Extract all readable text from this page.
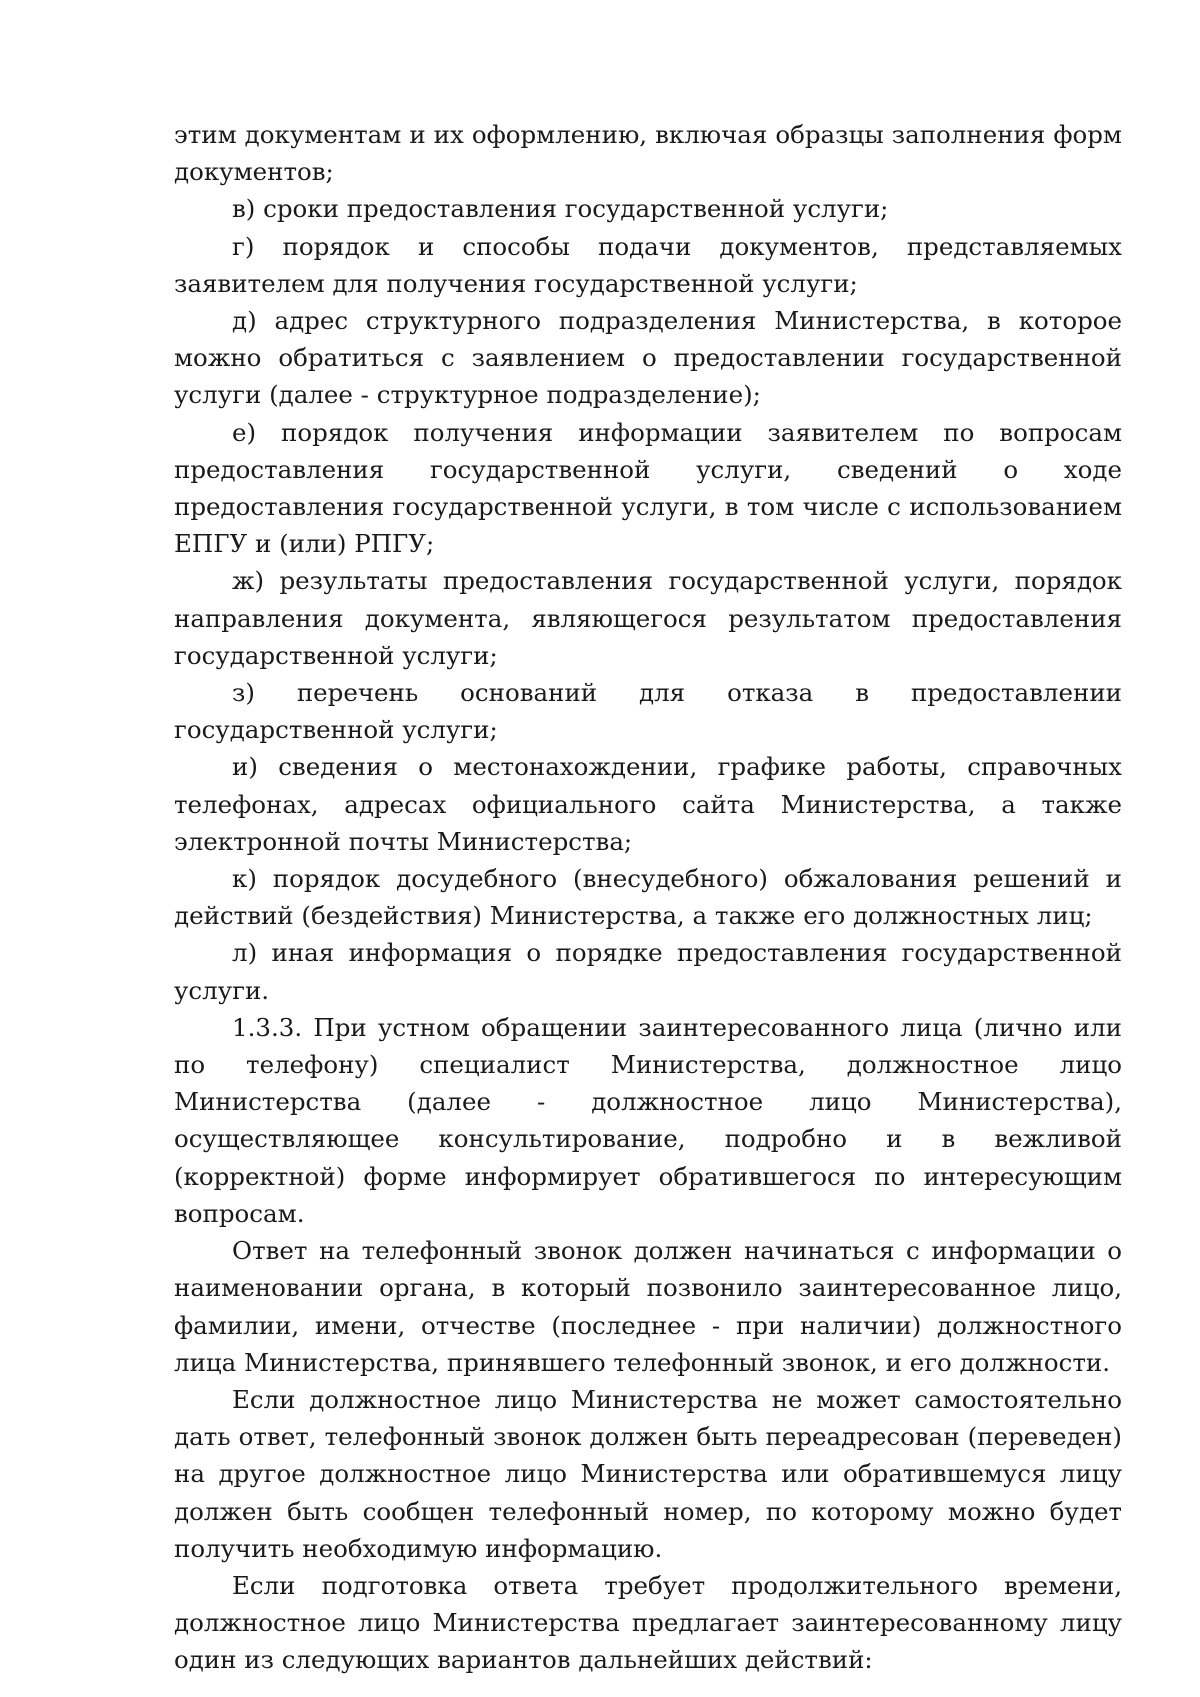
этим документам и их оформлению, включая образцы заполнения форм документов;

в) сроки предоставления государственной услуги;

г) порядок и способы подачи документов, представляемых заявителем для получения государственной услуги;

д) адрес структурного подразделения Министерства, в которое можно обратиться с заявлением о предоставлении государственной услуги (далее - структурное подразделение);

е) порядок получения информации заявителем по вопросам предоставления государственной услуги, сведений о ходе предоставления государственной услуги, в том числе с использованием ЕПГУ и (или) РПГУ;

ж) результаты предоставления государственной услуги, порядок направления документа, являющегося результатом предоставления государственной услуги;

з) перечень оснований для отказа в предоставлении государственной услуги;

и) сведения о местонахождении, графике работы, справочных телефонах, адресах официального сайта Министерства, а также электронной почты Министерства;

к) порядок досудебного (внесудебного) обжалования решений и действий (бездействия) Министерства, а также его должностных лиц;

л) иная информация о порядке предоставления государственной услуги.

1.3.3. При устном обращении заинтересованного лица (лично или по телефону) специалист Министерства, должностное лицо Министерства (далее - должностное лицо Министерства), осуществляющее консультирование, подробно и в вежливой (корректной) форме информирует обратившегося по интересующим вопросам.

Ответ на телефонный звонок должен начинаться с информации о наименовании органа, в который позвонило заинтересованное лицо, фамилии, имени, отчестве (последнее - при наличии) должностного лица Министерства, принявшего телефонный звонок, и его должности.

Если должностное лицо Министерства не может самостоятельно дать ответ, телефонный звонок должен быть переадресован (переведен) на другое должностное лицо Министерства или обратившемуся лицу должен быть сообщен телефонный номер, по которому можно будет получить необходимую информацию.

Если подготовка ответа требует продолжительного времени, должностное лицо Министерства предлагает заинтересованному лицу один из следующих вариантов дальнейших действий:
